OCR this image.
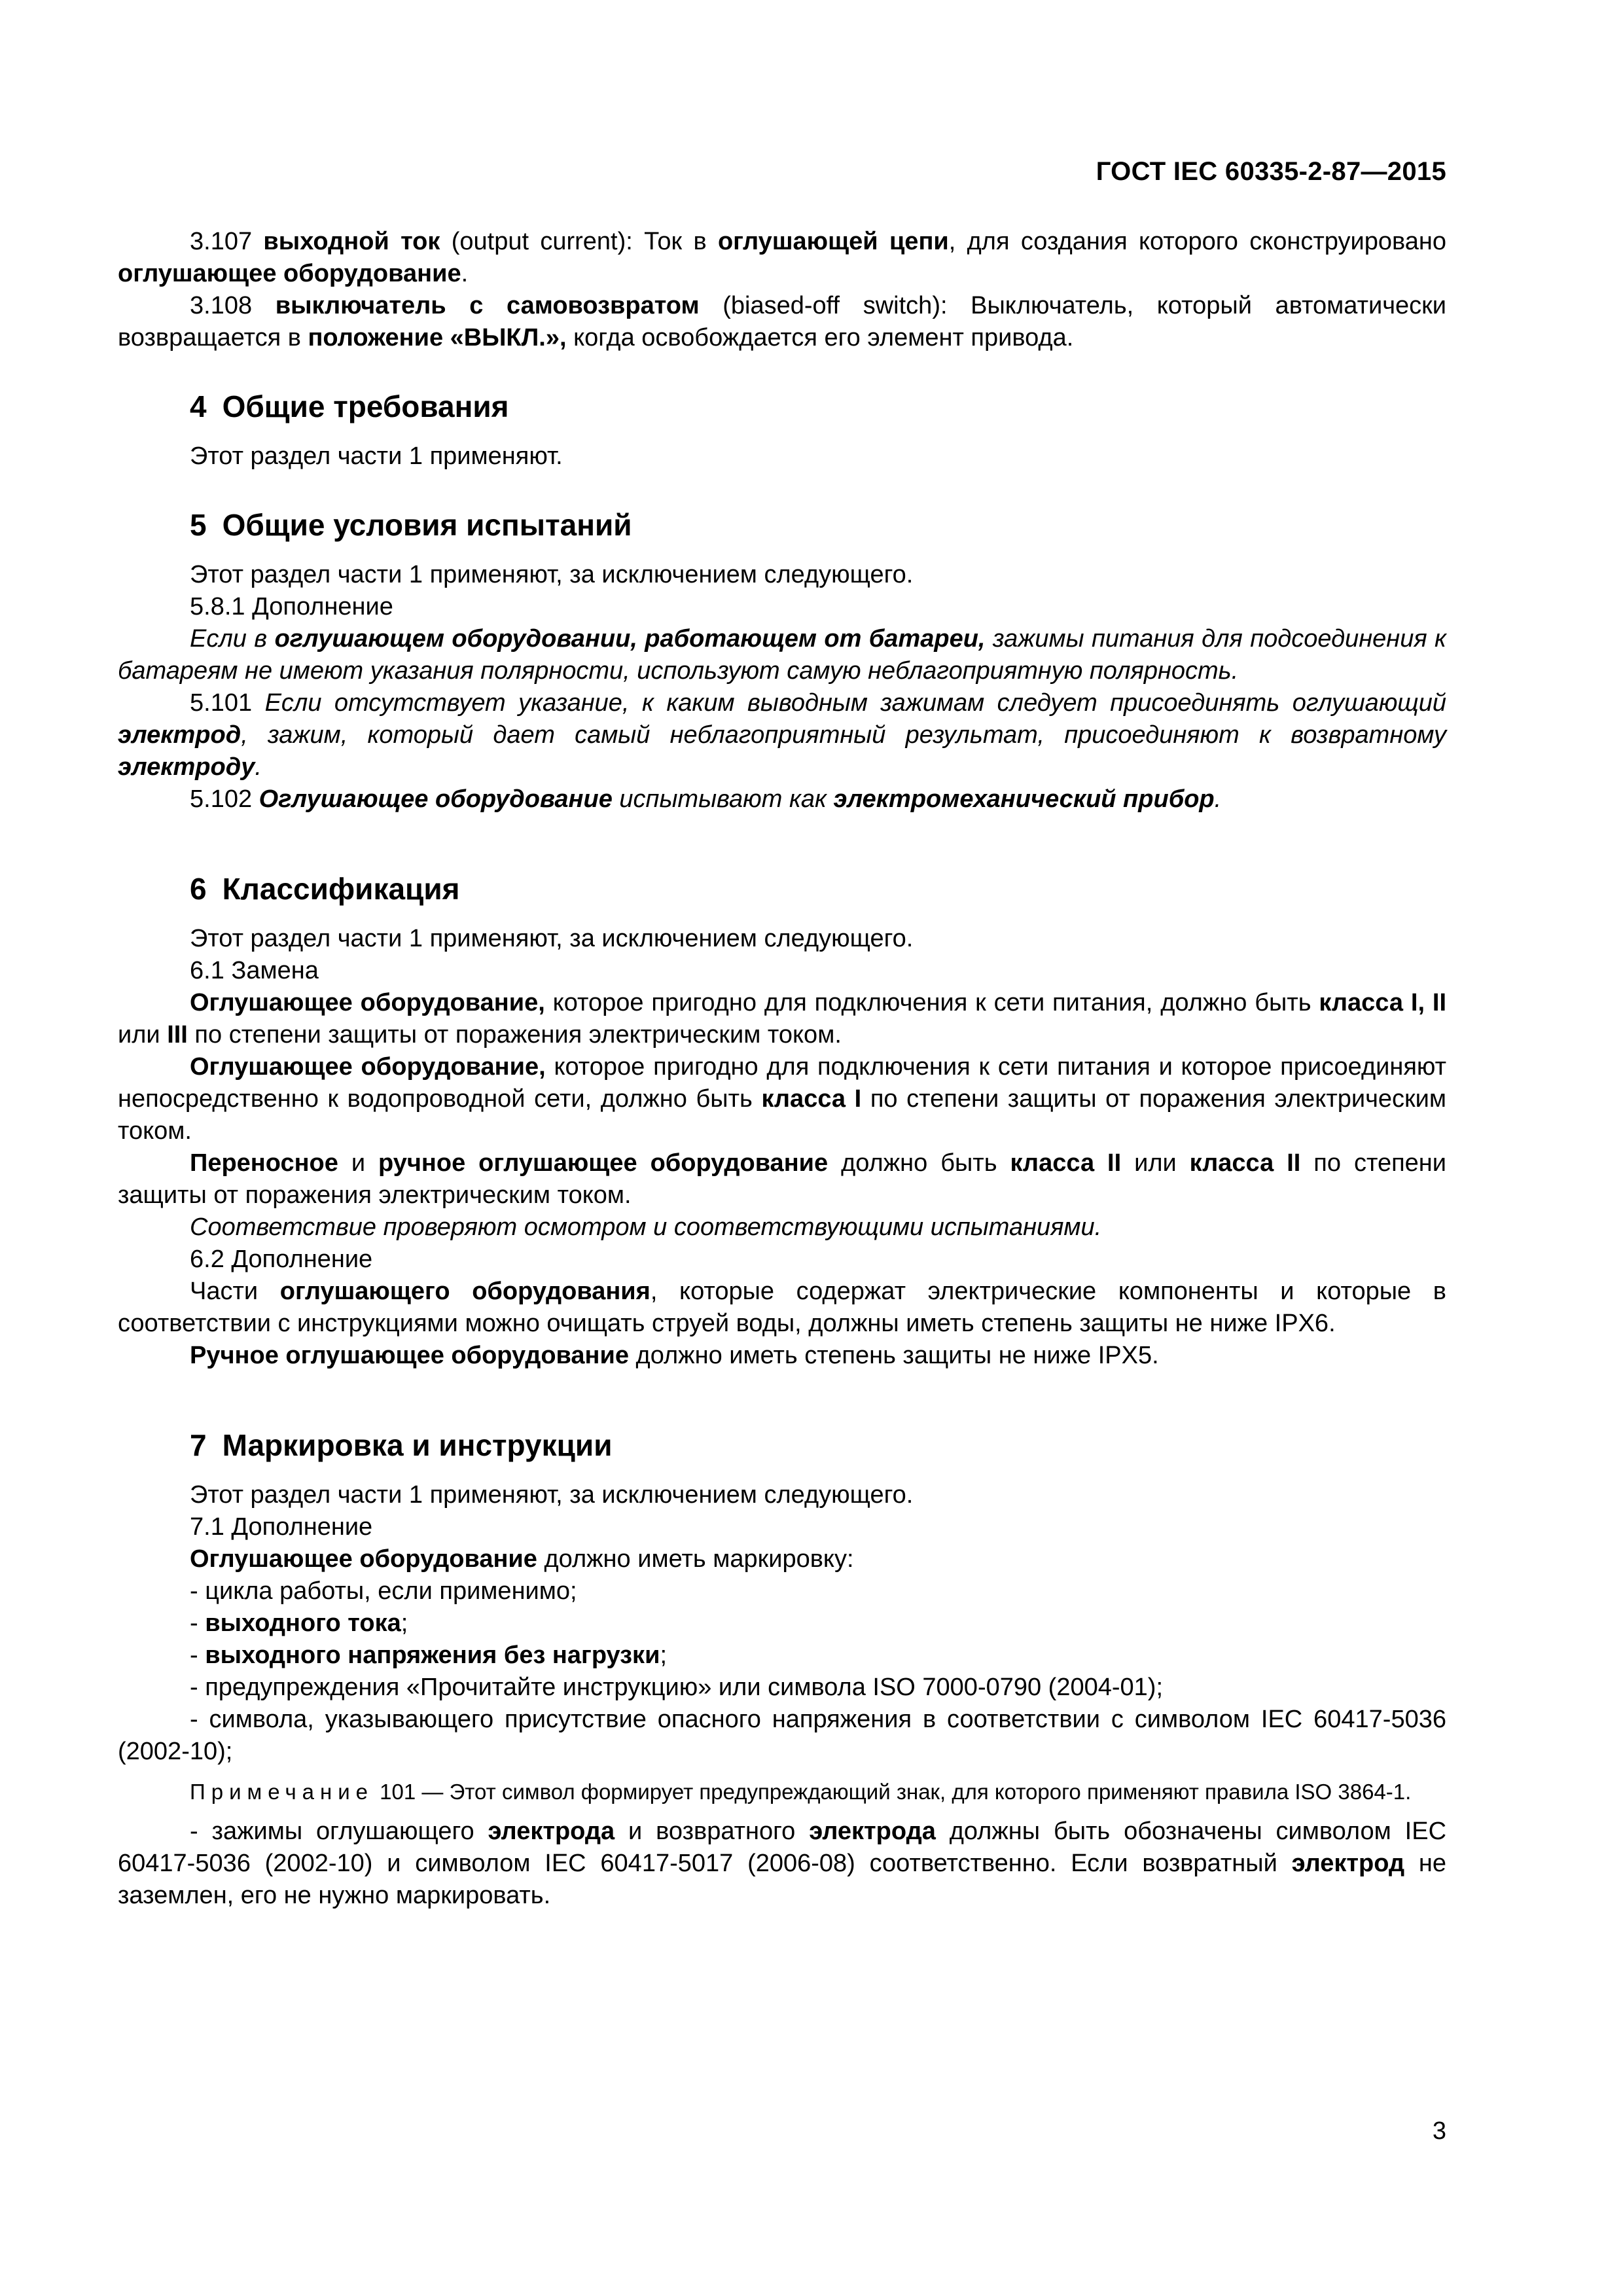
ГОСТ IEC 60335-2-87—2015

3.107 выходной ток (output current): Ток в оглушающей цепи, для создания которого сконструировано оглушающее оборудование.

3.108 выключатель с самовозвратом (biased-off switch): Выключатель, который автоматически возвращается в положение «ВЫКЛ.», когда освобождается его элемент привода.

4 Общие требования

Этот раздел части 1 применяют.

5 Общие условия испытаний

Этот раздел части 1 применяют, за исключением следующего.

5.8.1 Дополнение

Если в оглушающем оборудовании, работающем от батареи, зажимы питания для подсоединения к батареям не имеют указания полярности, используют самую неблагоприятную полярность.

5.101 Если отсутствует указание, к каким выводным зажимам следует присоединять оглушающий электрод, зажим, который дает самый неблагоприятный результат, присоединяют к возвратному электроду.

5.102 Оглушающее оборудование испытывают как электромеханический прибор.

6 Классификация

Этот раздел части 1 применяют, за исключением следующего.

6.1 Замена

Оглушающее оборудование, которое пригодно для подключения к сети питания, должно быть класса I, II или III по степени защиты от поражения электрическим током.

Оглушающее оборудование, которое пригодно для подключения к сети питания и которое присоединяют непосредственно к водопроводной сети, должно быть класса I по степени защиты от поражения электрическим током.

Переносное и ручное оглушающее оборудование должно быть класса II или класса II по степени защиты от поражения электрическим током.

Соответствие проверяют осмотром и соответствующими испытаниями.

6.2 Дополнение

Части оглушающего оборудования, которые содержат электрические компоненты и которые в соответствии с инструкциями можно очищать струей воды, должны иметь степень защиты не ниже IPX6.

Ручное оглушающее оборудование должно иметь степень защиты не ниже IPX5.

7 Маркировка и инструкции

Этот раздел части 1 применяют, за исключением следующего.

7.1 Дополнение

Оглушающее оборудование должно иметь маркировку:

- цикла работы, если применимо;

- выходного тока;

- выходного напряжения без нагрузки;

- предупреждения «Прочитайте инструкцию» или символа ISO 7000-0790 (2004-01);

- символа, указывающего присутствие опасного напряжения в соответствии с символом IEC 60417-5036 (2002-10);

Примечание 101 — Этот символ формирует предупреждающий знак, для которого применяют правила ISO 3864-1.

- зажимы оглушающего электрода и возвратного электрода должны быть обозначены символом IEC 60417-5036 (2002-10) и символом IEC 60417-5017 (2006-08) соответственно. Если возвратный электрод не заземлен, его не нужно маркировать.

3
